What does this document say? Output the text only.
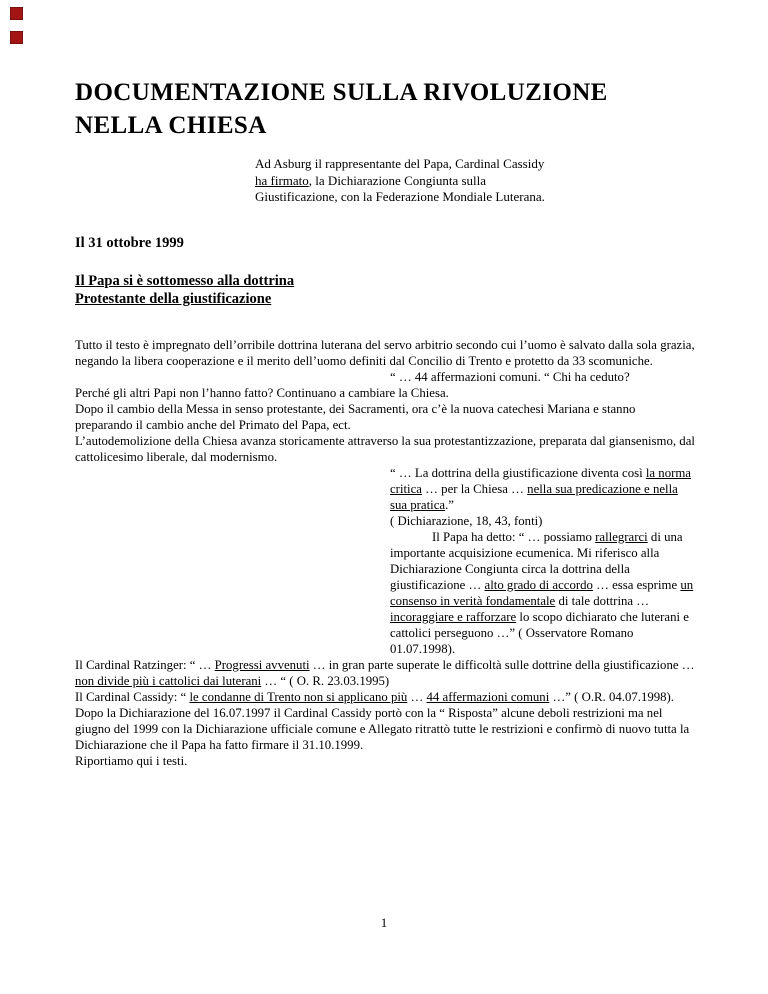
DOCUMENTAZIONE SULLA RIVOLUZIONE
NELLA CHIESA

Ad Asburg il rappresentante del Papa, Cardinal Cassidy ha firmato, la Dichiarazione Congiunta sulla Giustificazione, con la Federazione Mondiale Luterana.

Il 31 ottobre 1999

Il Papa si è sottomesso alla dottrina
Protestante della giustificazione

Tutto il testo è impregnato dell’orribile dottrina luterana del servo arbitrio secondo cui l’uomo è salvato dalla sola grazia, negando la libera cooperazione e il merito dell’uomo definiti dal Concilio di Trento e protetto da 33 scomuniche.

“ … 44 affermazioni comuni. “ Chi ha ceduto?

Perché gli altri Papi non l’hanno fatto? Continuano a cambiare la Chiesa.

Dopo il cambio della Messa in senso protestante, dei Sacramenti, ora c’è la nuova catechesi Mariana e stanno preparando il cambio anche del Primato del Papa, ect.

L’autodemolizione della Chiesa avanza storicamente attraverso la sua protestantizzazione, preparata dal giansenismo, dal cattolicesimo liberale, dal modernismo.

“ … La dottrina della giustificazione diventa così la norma critica … per la Chiesa … nella sua predicazione e nella sua pratica.”

( Dichiarazione, 18, 43, fonti)

Il Papa ha detto: “ … possiamo rallegrarci di una importante acquisizione ecumenica. Mi riferisco alla Dichiarazione Congiunta circa la dottrina della giustificazione … alto grado di accordo … essa esprime un consenso in verità fondamentale di tale dottrina … incoraggiare e rafforzare lo scopo dichiarato che luterani e cattolici perseguono …” ( Osservatore Romano 01.07.1998).

Il Cardinal Ratzinger: “ … Progressi avvenuti … in gran parte superate le difficoltà sulle dottrine della giustificazione … non divide più i cattolici dai luterani … “ ( O. R. 23.03.1995)

Il Cardinal Cassidy: “ le condanne di Trento non si applicano più … 44 affermazioni comuni …” ( O.R. 04.07.1998).

Dopo la Dichiarazione del 16.07.1997 il Cardinal Cassidy portò con la “ Risposta” alcune deboli restrizioni ma nel giugno del 1999 con la Dichiarazione ufficiale comune e Allegato ritrattò tutte le restrizioni e confirmò di nuovo tutta la Dichiarazione che il Papa ha fatto firmare il 31.10.1999.

Riportiamo qui i testi.

1
